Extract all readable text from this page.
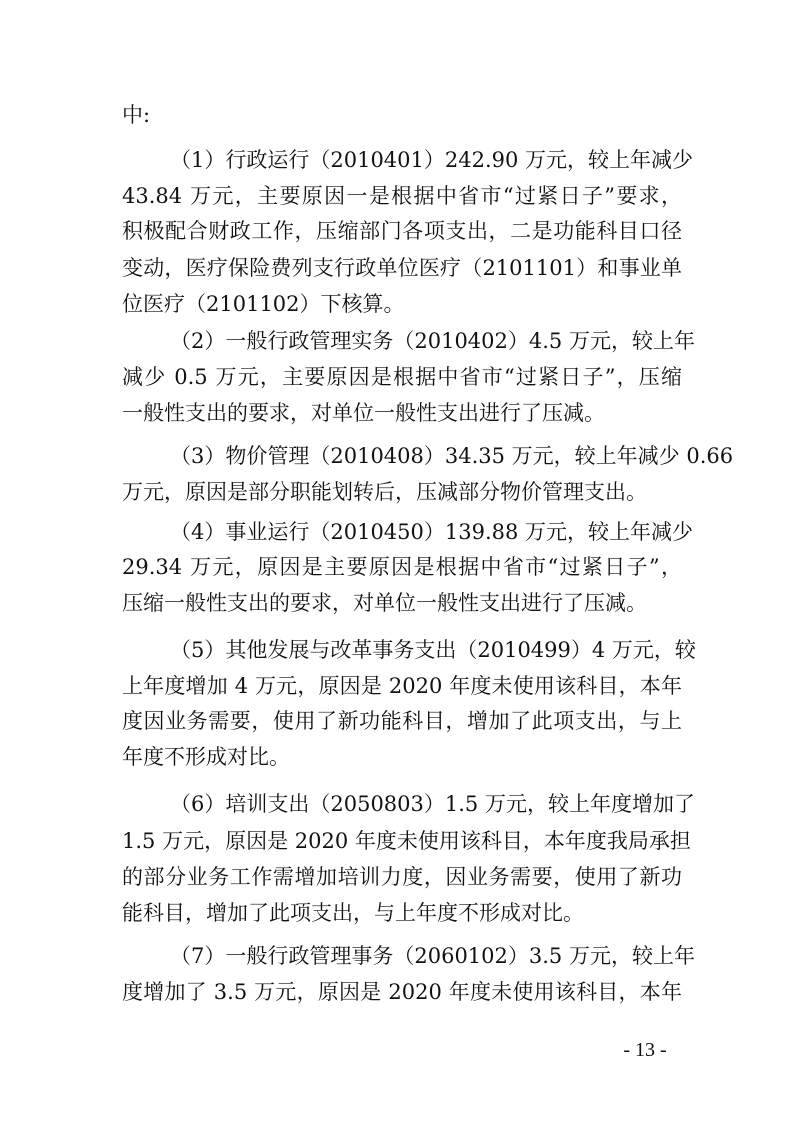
中:
（1）行政运行（2010401）242.90 万元，较上年减少
43.84 万元，主要原因一是根据中省市“过紧日子”要求，
积极配合财政工作，压缩部门各项支出，二是功能科目口径
变动，医疗保险费列支行政单位医疗（2101101）和事业单
位医疗（2101102）下核算。
（2）一般行政管理实务（2010402）4.5 万元，较上年
减少 0.5 万元，主要原因是根据中省市“过紧日子”，压缩
一般性支出的要求，对单位一般性支出进行了压减。
（3）物价管理（2010408）34.35 万元，较上年减少 0.66
万元，原因是部分职能划转后，压减部分物价管理支出。
（4）事业运行（2010450）139.88 万元，较上年减少
29.34 万元，原因是主要原因是根据中省市“过紧日子”，
压缩一般性支出的要求，对单位一般性支出进行了压减。
（5）其他发展与改革事务支出（2010499）4 万元，较
上年度增加 4 万元，原因是 2020 年度未使用该科目，本年
度因业务需要，使用了新功能科目，增加了此项支出，与上
年度不形成对比。
（6）培训支出（2050803）1.5 万元，较上年度增加了
1.5 万元，原因是 2020 年度未使用该科目，本年度我局承担
的部分业务工作需增加培训力度，因业务需要，使用了新功
能科目，增加了此项支出，与上年度不形成对比。
（7）一般行政管理事务（2060102）3.5 万元，较上年
度增加了 3.5 万元，原因是 2020 年度未使用该科目，本年
- 13 -
